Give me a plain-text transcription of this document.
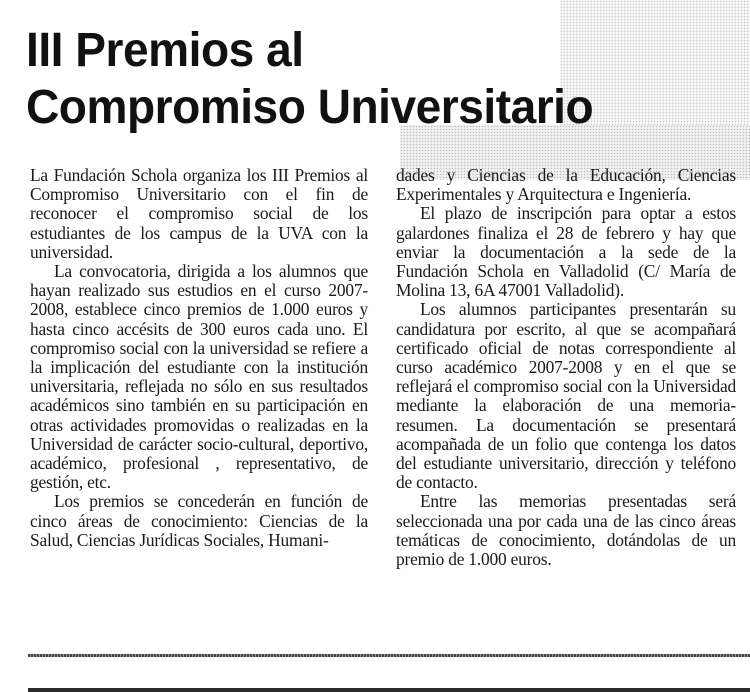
III Premios al
Compromiso Universitario

La Fundación Schola organiza los III Premios al Compromiso Universitario con el fin de reconocer el compromiso social de los estudiantes de los campus de la UVA con la universidad.

La convocatoria, dirigida a los alumnos que hayan realizado sus estudios en el curso 2007-2008, establece cinco premios de 1.000 euros y hasta cinco accésits de 300 euros cada uno. El compromiso social con la universidad se refiere a la implicación del estudiante con la institución universitaria, reflejada no sólo en sus resultados académicos sino también en su participación en otras actividades promovidas o realizadas en la Universidad de carácter socio-cultural, deportivo, académico, profesional , representativo, de gestión, etc.

Los premios se concederán en función de cinco áreas de conocimiento: Ciencias de la Salud, Ciencias Jurídicas Sociales, Humani-

dades y Ciencias de la Educación, Ciencias Experimentales y Arquitectura e Ingeniería.

El plazo de inscripción para optar a estos galardones finaliza el 28 de febrero y hay que enviar la documentación a la sede de la Fundación Schola en Valladolid (C/ María de Molina 13, 6A 47001 Valladolid).

Los alumnos participantes presentarán su candidatura por escrito, al que se acompañará certificado oficial de notas correspondiente al curso académico 2007-2008 y en el que se reflejará el compromiso social con la Universidad mediante la elaboración de una memoria-resumen. La documentación se presentará acompañada de un folio que contenga los datos del estudiante universitario, dirección y teléfono de contacto.

Entre las memorias presentadas será seleccionada una por cada una de las cinco áreas temáticas de conocimiento, dotándolas de un premio de 1.000 euros.
